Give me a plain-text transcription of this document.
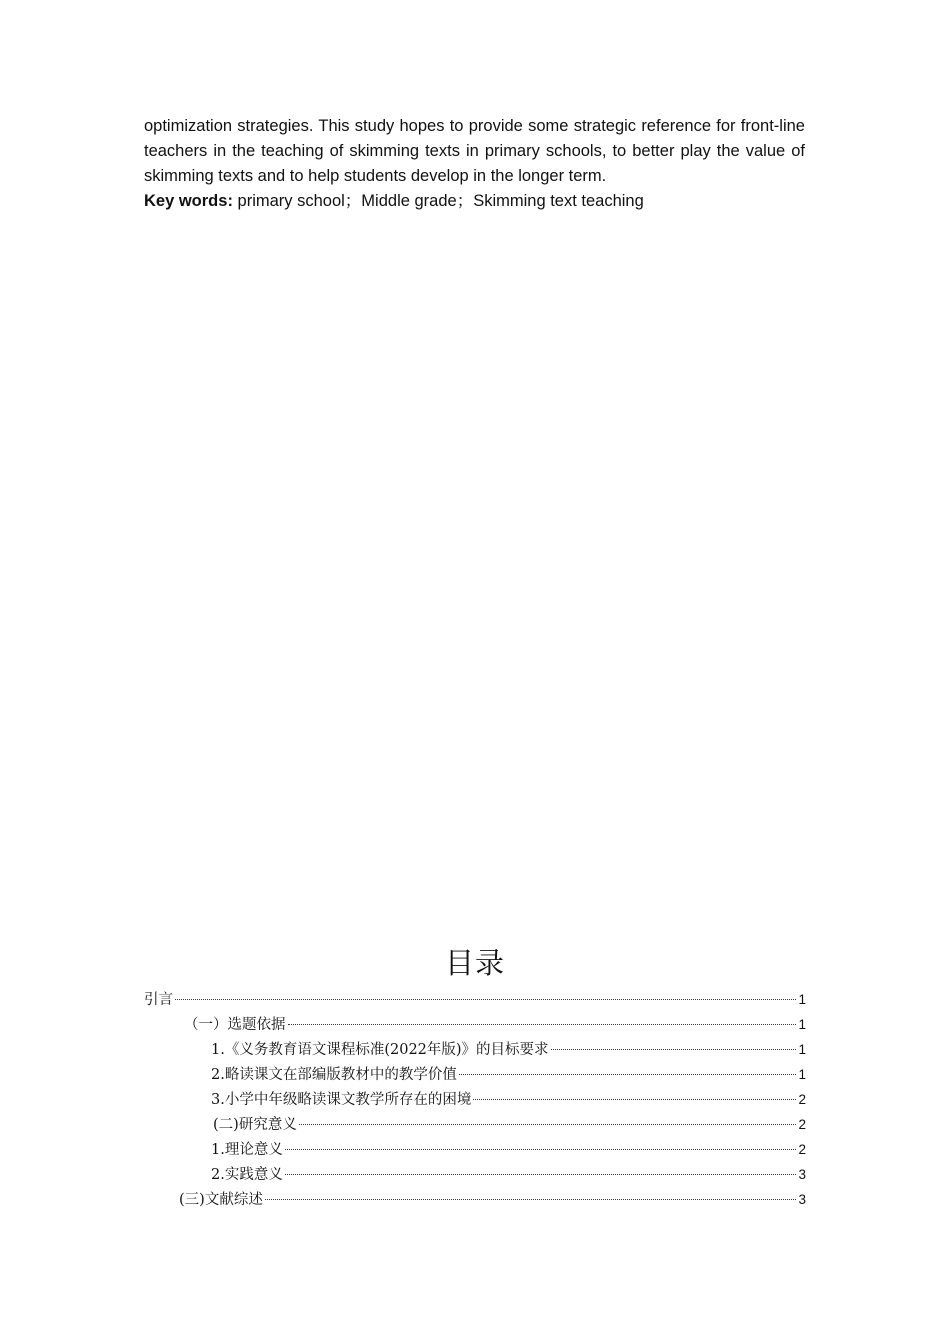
optimization strategies. This study hopes to provide some strategic reference for front-line teachers in the teaching of skimming texts in primary schools, to better play the value of skimming texts and to help students develop in the longer term.

Key words: primary school；Middle grade；Skimming text teaching

目录
引言	1
（一）选题依据	1
1.《义务教育语文课程标准(2022年版)》的目标要求	1
2.略读课文在部编版教材中的教学价值	1
3.小学中年级略读课文教学所存在的困境	2
(二)研究意义	2
1.理论意义	2
2.实践意义	3
(三)文献综述	3
